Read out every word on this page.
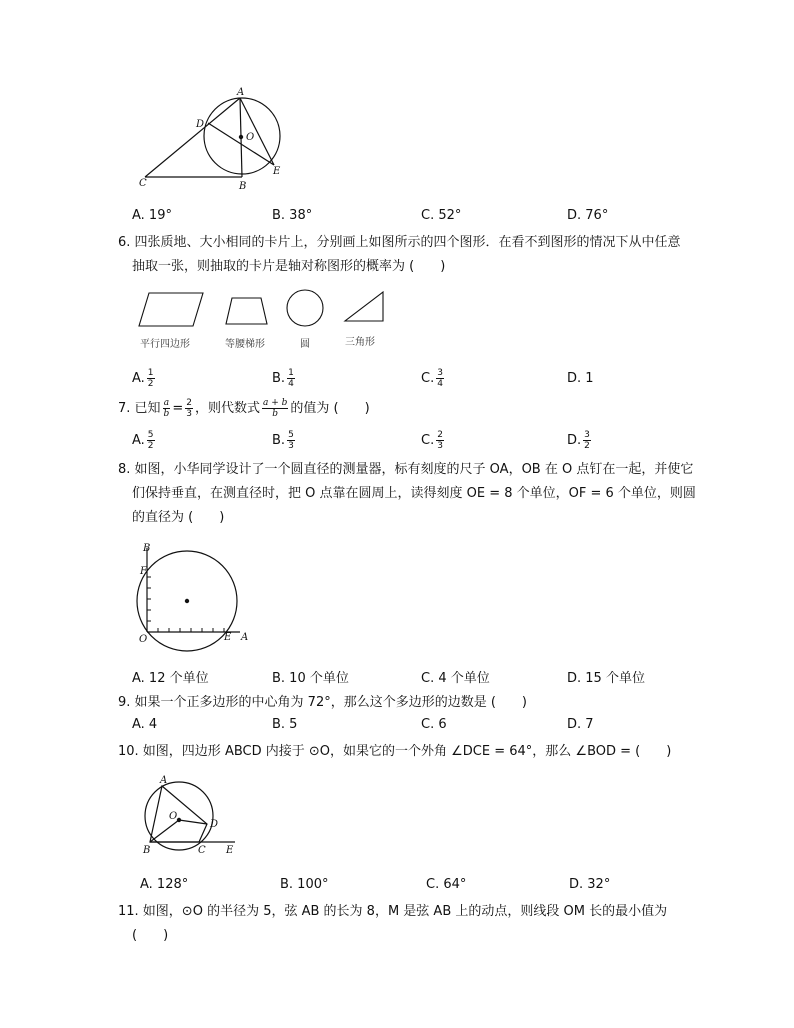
A
D
O
C	B
E
A. 19°	B. 38°	C. 52°	D. 76°
6. 四张质地、大小相同的卡片上，分别画上如图所示的四个图形．在看不到图形的情况下从中任意
抽取一张，则抽取的卡片是轴对称图形的概率为 (　　)
平行四边形	等腰梯形	圆	三角形
A. $\frac{1}{2}$	B. $\frac{1}{4}$	C. $\frac{3}{4}$	D. 1
7. 已知 $\frac{a}{b} = \frac{2}{3}$ ，则代数式 $\frac{a + b}{b}$ 的值为 (　　)
A. $\frac{5}{2}$	B. $\frac{5}{3}$	C. $\frac{2}{3}$	D. $\frac{3}{2}$
8. 如图，小华同学设计了一个圆直径的测量器，标有刻度的尺子 OA，OB 在 O 点钉在一起，并使它
们保持垂直，在测直径时，把 O 点靠在圆周上，读得刻度 OE = 8 个单位，OF = 6 个单位，则圆
的直径为 (　　)
B
F
O	E A
A. 12 个单位	B. 10 个单位	C. 4 个单位	D. 15 个单位
9. 如果一个正多边形的中心角为 72°，那么这个多边形的边数是 (　　)
A. 4	B. 5	C. 6	D. 7
10. 如图，四边形 ABCD 内接于 ⊙O，如果它的一个外角 ∠DCE = 64°，那么 ∠BOD = (　　)
A
O
D
B	C E
A. 128°	B. 100°	C. 64°	D. 32°
11. 如图，⊙O 的半径为 5，弦 AB 的长为 8，M 是弦 AB 上的动点，则线段 OM 长的最小值为
(　　)
